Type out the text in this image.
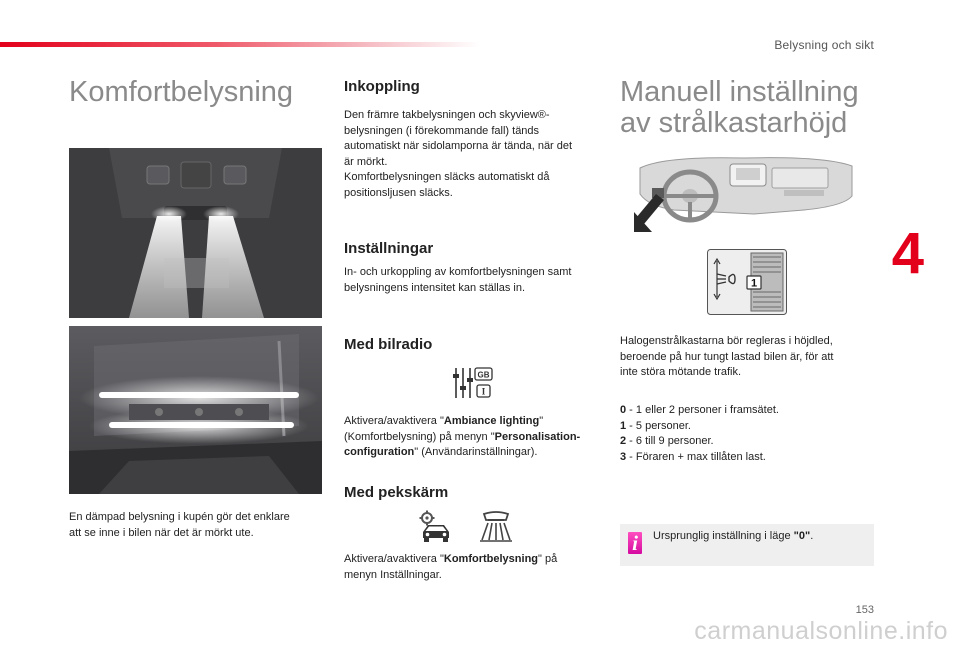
Belysning och sikt
4
Komfortbelysning

En dämpad belysning i kupén gör det enklare
att se inne i bilen när det är mörkt ute.

Inkoppling

Den främre takbelysningen och skyview®-
belysningen (i förekommande fall) tänds
automatiskt när sidolamporna är tända, när det
är mörkt.
Komfortbelysningen släcks automatiskt då
positionsljusen släcks.

Inställningar

In- och urkoppling av komfortbelysningen samt
belysningens intensitet kan ställas in.

Med bilradio
GB
I

Aktivera/avaktivera "Ambiance lighting"
(Komfortbelysning) på menyn "Personalisation-
configuration" (Användarinställningar).

Med pekskärm

Aktivera/avaktivera "Komfortbelysning" på
menyn Inställningar.

Manuell inställning
av strålkastarhöjd
1

Halogenstrålkastarna bör regleras i höjdled,
beroende på hur tungt lastad bilen är, för att
inte störa mötande trafik.

0 - 1 eller 2 personer i framsätet.
1 - 5 personer.
2 - 6 till 9 personer.
3 - Föraren + max tillåten last.

i	Ursprunglig inställning i läge "0".
153
carmanualsonline.info
